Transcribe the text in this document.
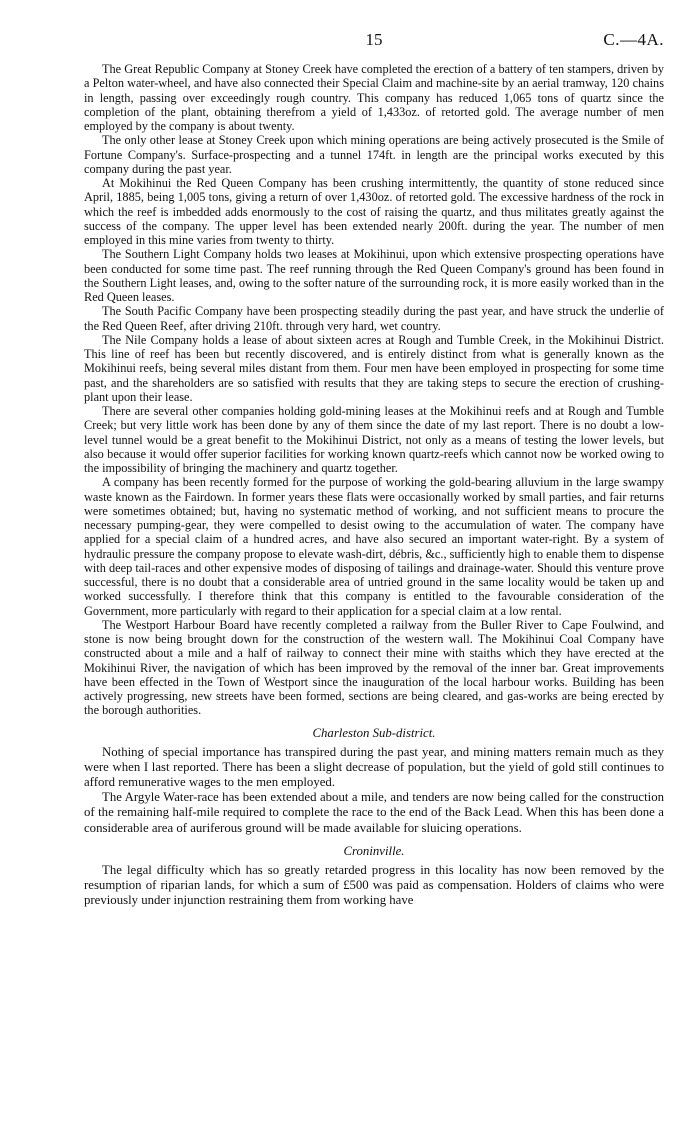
15	C.—4A.

The Great Republic Company at Stoney Creek have completed the erection of a battery of ten stampers, driven by a Pelton water-wheel, and have also connected their Special Claim and machine-site by an aerial tramway, 120 chains in length, passing over exceedingly rough country. This company has reduced 1,065 tons of quartz since the completion of the plant, obtaining therefrom a yield of 1,433oz. of retorted gold. The average number of men employed by the company is about twenty.

The only other lease at Stoney Creek upon which mining operations are being actively prosecuted is the Smile of Fortune Company's. Surface-prospecting and a tunnel 174ft. in length are the principal works executed by this company during the past year.

At Mokihinui the Red Queen Company has been crushing intermittently, the quantity of stone reduced since April, 1885, being 1,005 tons, giving a return of over 1,430oz. of retorted gold. The excessive hardness of the rock in which the reef is imbedded adds enormously to the cost of raising the quartz, and thus militates greatly against the success of the company. The upper level has been extended nearly 200ft. during the year. The number of men employed in this mine varies from twenty to thirty.

The Southern Light Company holds two leases at Mokihinui, upon which extensive prospecting operations have been conducted for some time past. The reef running through the Red Queen Company's ground has been found in the Southern Light leases, and, owing to the softer nature of the surrounding rock, it is more easily worked than in the Red Queen leases.

The South Pacific Company have been prospecting steadily during the past year, and have struck the underlie of the Red Queen Reef, after driving 210ft. through very hard, wet country.

The Nile Company holds a lease of about sixteen acres at Rough and Tumble Creek, in the Mokihinui District. This line of reef has been but recently discovered, and is entirely distinct from what is generally known as the Mokihinui reefs, being several miles distant from them. Four men have been employed in prospecting for some time past, and the shareholders are so satisfied with results that they are taking steps to secure the erection of crushing-plant upon their lease.

There are several other companies holding gold-mining leases at the Mokihinui reefs and at Rough and Tumble Creek; but very little work has been done by any of them since the date of my last report. There is no doubt a low-level tunnel would be a great benefit to the Mokihinui District, not only as a means of testing the lower levels, but also because it would offer superior facilities for working known quartz-reefs which cannot now be worked owing to the impossibility of bringing the machinery and quartz together.

A company has been recently formed for the purpose of working the gold-bearing alluvium in the large swampy waste known as the Fairdown. In former years these flats were occasionally worked by small parties, and fair returns were sometimes obtained; but, having no systematic method of working, and not sufficient means to procure the necessary pumping-gear, they were compelled to desist owing to the accumulation of water. The company have applied for a special claim of a hundred acres, and have also secured an important water-right. By a system of hydraulic pressure the company propose to elevate wash-dirt, débris, &c., sufficiently high to enable them to dispense with deep tail-races and other expensive modes of disposing of tailings and drainage-water. Should this venture prove successful, there is no doubt that a considerable area of untried ground in the same locality would be taken up and worked successfully. I therefore think that this company is entitled to the favourable consideration of the Government, more particularly with regard to their application for a special claim at a low rental.

The Westport Harbour Board have recently completed a railway from the Buller River to Cape Foulwind, and stone is now being brought down for the construction of the western wall. The Mokihinui Coal Company have constructed about a mile and a half of railway to connect their mine with staiths which they have erected at the Mokihinui River, the navigation of which has been improved by the removal of the inner bar. Great improvements have been effected in the Town of Westport since the inauguration of the local harbour works. Building has been actively progressing, new streets have been formed, sections are being cleared, and gas-works are being erected by the borough authorities.

Charleston Sub-district.

Nothing of special importance has transpired during the past year, and mining matters remain much as they were when I last reported. There has been a slight decrease of population, but the yield of gold still continues to afford remunerative wages to the men employed.

The Argyle Water-race has been extended about a mile, and tenders are now being called for the construction of the remaining half-mile required to complete the race to the end of the Back Lead. When this has been done a considerable area of auriferous ground will be made available for sluicing operations.

Croninville.

The legal difficulty which has so greatly retarded progress in this locality has now been removed by the resumption of riparian lands, for which a sum of £500 was paid as compensation. Holders of claims who were previously under injunction restraining them from working have
